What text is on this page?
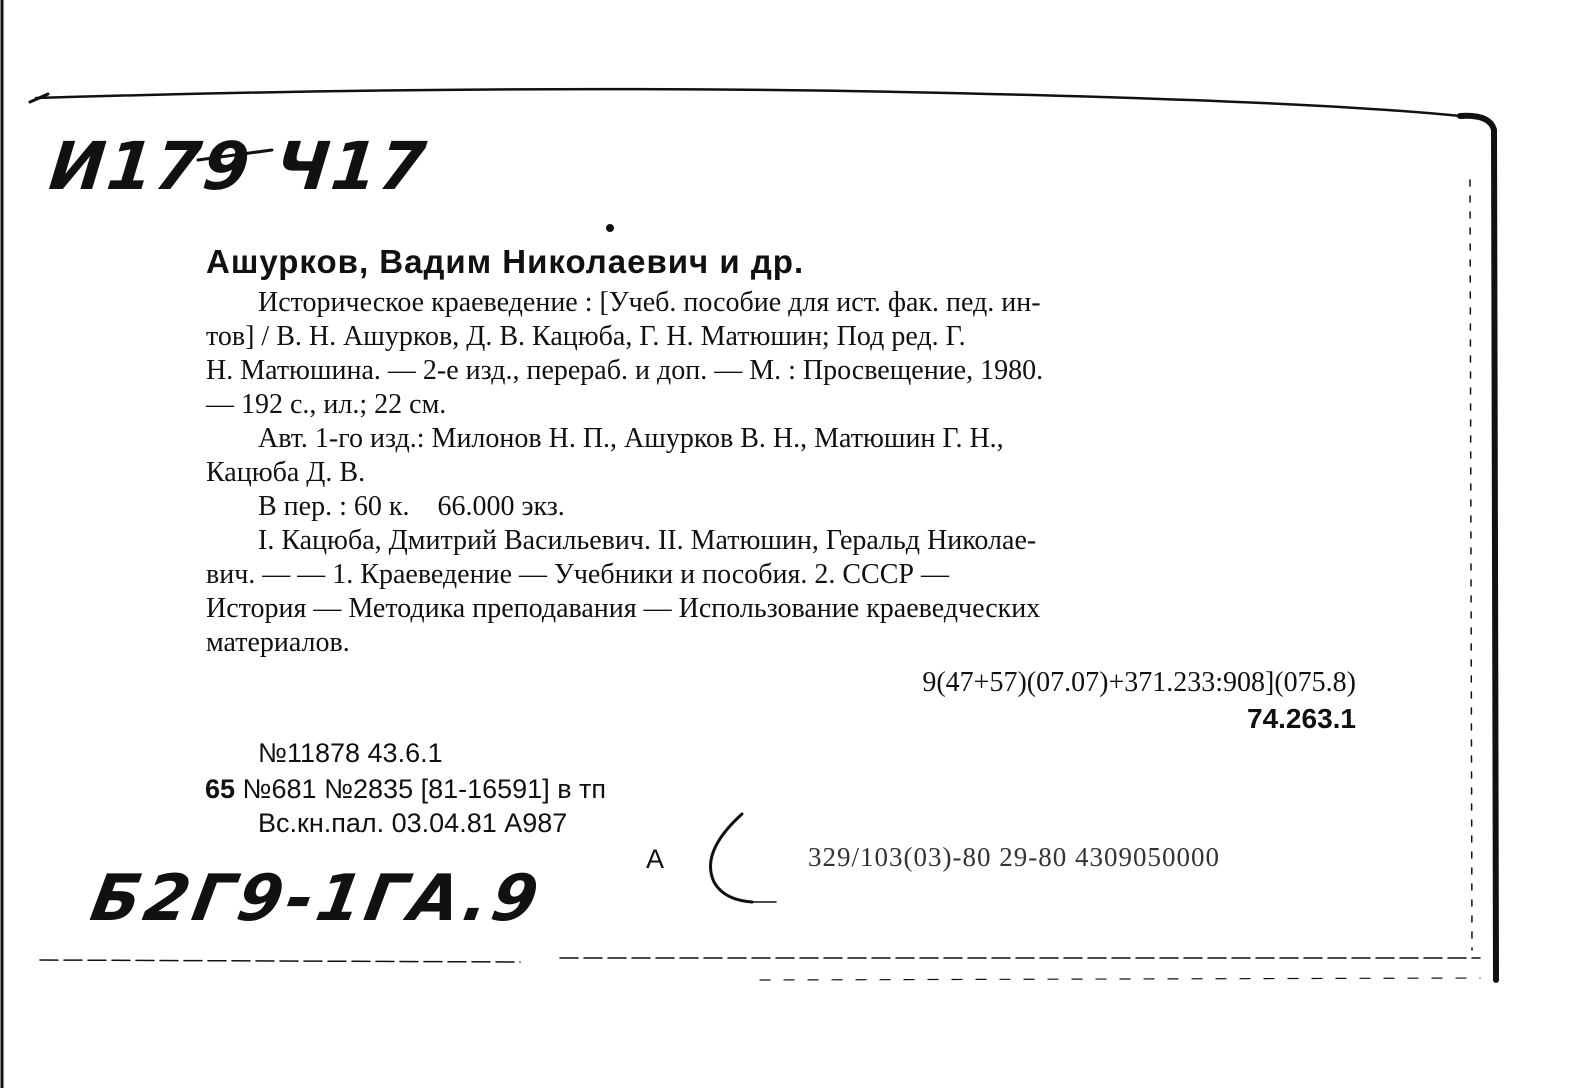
И179 Ч17

Ашурков, Вадим Николаевич и др.

Историческое краеведение : [Учеб. пособие для ист. фак. пед. ин-
тов] / В. Н. Ашурков, Д. В. Кацюба, Г. Н. Матюшин; Под ред. Г.
Н. Матюшина. — 2-е изд., перераб. и доп. — М. : Просвещение, 1980.
— 192 с., ил.; 22 см.

Авт. 1-го изд.: Милонов Н. П., Ашурков В. Н., Матюшин Г. Н.,
Кацюба Д. В.

В пер. : 60 к.    66.000 экз.

I. Кацюба, Дмитрий Васильевич. II. Матюшин, Геральд Николае-
вич. — — 1. Краеведение — Учебники и пособия. 2. СССР —
История — Методика преподавания — Использование краеведческих
материалов.

9(47+57)(07.07)+371.233:908](075.8)
74.263.1
№11878 43.6.1
65 №681 №2835 [81-16591] в тп
Вс.кн.пал. 03.04.81 А987
А	329/103(03)-80 29-80 4309050000
Б2Г9-1ГА.9
